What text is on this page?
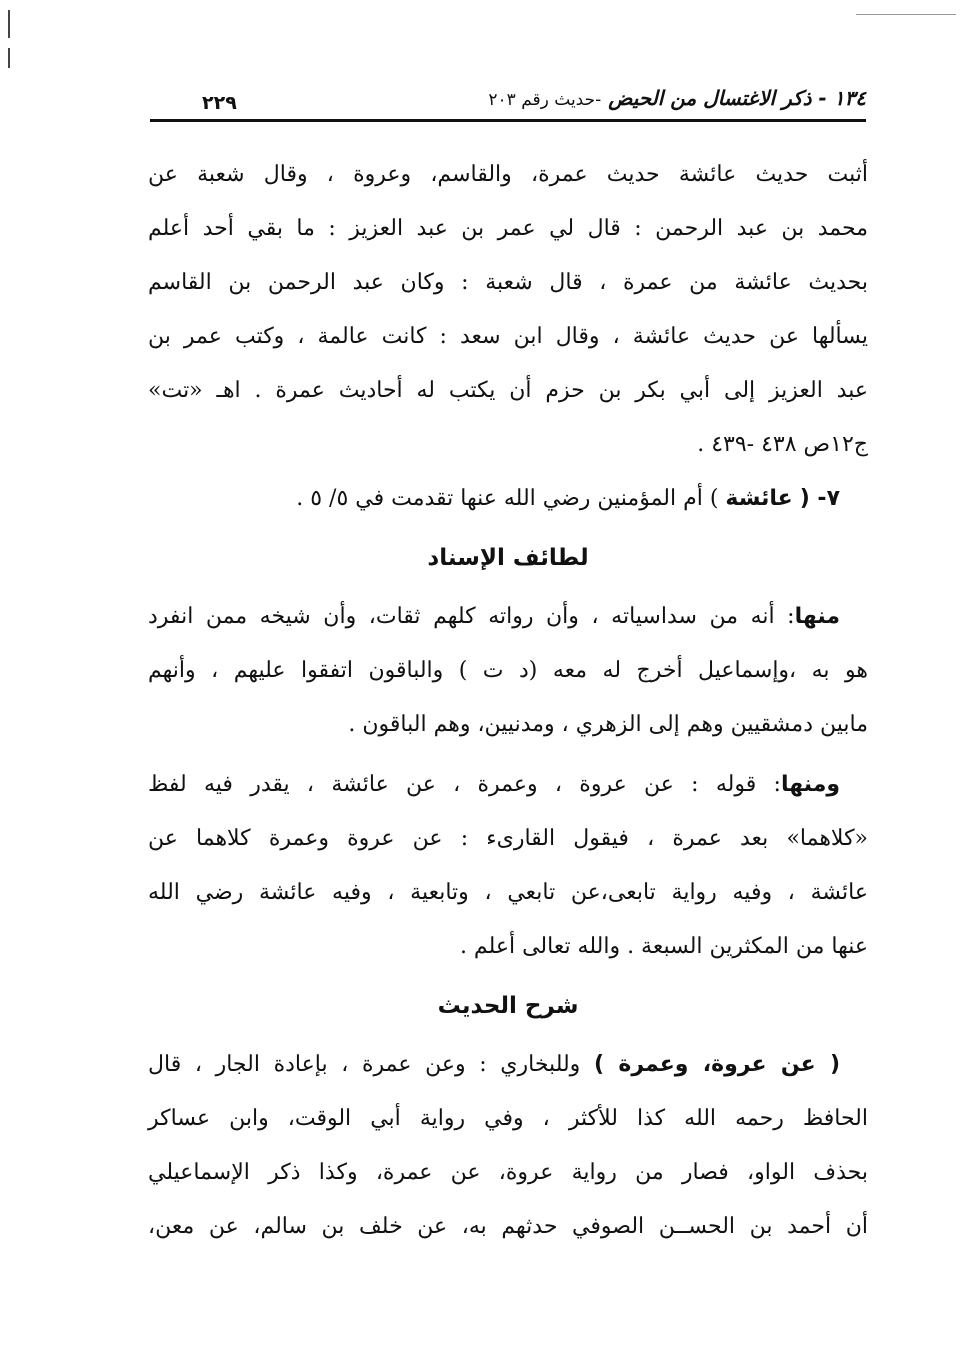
١٣٤ - ذكر الاغتسال من الحيض -حديث رقم ٢٠٣
٢٢٩
أثبت حديث عائشة حديث عمرة، والقاسم، وعروة ، وقال شعبة عن
محمد بن عبد الرحمن : قال لي عمر بن عبد العزيز : ما بقي أحد أعلم
بحديث عائشة من عمرة ، قال شعبة : وكان عبد الرحمن بن القاسم
يسألها عن حديث عائشة ، وقال ابن سعد : كانت عالمة ، وكتب عمر بن
عبد العزيز إلى أبي بكر بن حزم أن يكتب له أحاديث عمرة . اهـ «تت»
ج١٢ص ٤٣٨ -٤٣٩ .
٧- ( عائشة ) أم المؤمنين رضي الله عنها تقدمت في ٥/ ٥ .
لطائف الإسناد
منها: أنه من سداسياته ، وأن رواته كلهم ثقات، وأن شيخه ممن انفرد
هو به ،وإسماعيل أخرج له معه (د ت ) والباقون اتفقوا عليهم ، وأنهم
مابين دمشقيين وهم إلى الزهري ، ومدنيين، وهم الباقون .
ومنها: قوله : عن عروة ، وعمرة ، عن عائشة ، يقدر فيه لفظ
«كلاهما» بعد عمرة ، فيقول القارىء : عن عروة وعمرة كلاهما عن
عائشة ، وفيه رواية تابعى،عن تابعي ، وتابعية ، وفيه عائشة رضي الله
عنها من المكثرين السبعة . والله تعالى أعلم .
شرح الحديث
( عن عروة، وعمرة ) وللبخاري : وعن عمرة ، بإعادة الجار ، قال
الحافظ رحمه الله كذا للأكثر ، وفي رواية أبي الوقت، وابن عساكر
بحذف الواو، فصار من رواية عروة، عن عمرة، وكذا ذكر الإسماعيلي
أن أحمد بن الحســن الصوفي حدثهم به، عن خلف بن سالم، عن معن،
